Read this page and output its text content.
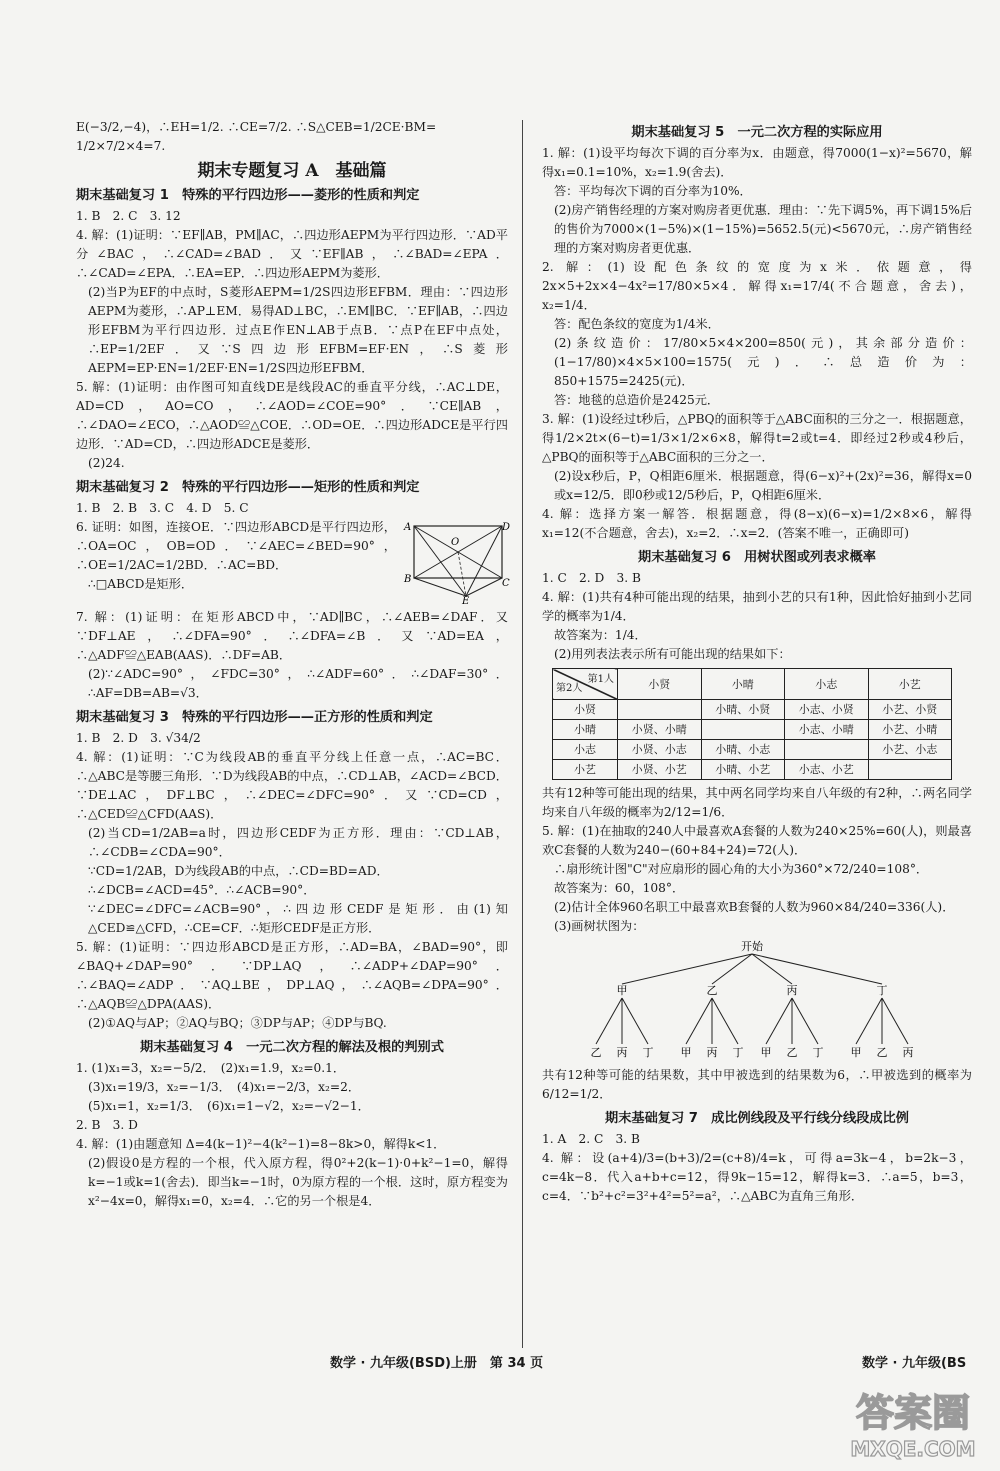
E(−3/2,−4)，∴EH=1/2. ∴CE=7/2. ∴S△CEB=1/2CE·BM=

1/2×7/2×4=7.

期末专题复习 A　基础篇
期末基础复习 1　特殊的平行四边形——菱形的性质和判定

1. B　2. C　3. 12

4. 解：(1)证明：∵EF∥AB，PM∥AC，∴四边形AEPM为平行四边形．∵AD平分∠BAC，∴∠CAD=∠BAD．又∵EF∥AB，∴∠BAD=∠EPA．∴∠CAD=∠EPA．∴EA=EP．∴四边形AEPM为菱形．

(2)当P为EF的中点时，S菱形AEPM=1/2S四边形EFBM．理由：∵四边形AEPM为菱形，∴AP⊥EM．易得AD⊥BC，∴EM∥BC．∵EF∥AB，∴四边形EFBM为平行四边形．过点E作EN⊥AB于点B．∵点P在EF中点处，∴EP=1/2EF．又∵S四边形EFBM=EF·EN，∴S菱形AEPM=EP·EN=1/2EF·EN=1/2S四边形EFBM．

5. 解：(1)证明：由作图可知直线DE是线段AC的垂直平分线，∴AC⊥DE，AD=CD，AO=CO，∴∠AOD=∠COE=90°．∵CE∥AB，∴∠DAO=∠ECO，∴△AOD≌△COE．∴OD=OE．∴四边形ADCE是平行四边形．∵AD=CD，∴四边形ADCE是菱形．

(2)24.

期末基础复习 2　特殊的平行四边形——矩形的性质和判定

1. B　2. B　3. C　4. D　5. C

A	D
O
B	C
E

6. 证明：如图，连接OE．∵四边形ABCD是平行四边形，∴OA=OC，OB=OD．∵∠AEC=∠BED=90°，∴OE=1/2AC=1/2BD．∴AC=BD．

∴□ABCD是矩形．

7. 解：(1)证明：在矩形ABCD中，∵AD∥BC，∴∠AEB=∠DAF．又∵DF⊥AE，∴∠DFA=90°．∴∠DFA=∠B．又∵AD=EA，∴△ADF≌△EAB(AAS)．∴DF=AB．

(2)∵∠ADC=90°，∠FDC=30°，∴∠ADF=60°．∴∠DAF=30°．∴AF=DB=AB=√3．

期末基础复习 3　特殊的平行四边形——正方形的性质和判定

1. B　2. D　3. √34/2

4. 解：(1)证明：∵C为线段AB的垂直平分线上任意一点，∴AC=BC．∴△ABC是等腰三角形．∵D为线段AB的中点，∴CD⊥AB，∠ACD=∠BCD．∵DE⊥AC，DF⊥BC，∴∠DEC=∠DFC=90°．又∵CD=CD，∴△CED≌△CFD(AAS)．

(2)当CD=1/2AB=a时，四边形CEDF为正方形．理由：∵CD⊥AB，∴∠CDB=∠CDA=90°．

∵CD=1/2AB，D为线段AB的中点，∴CD=BD=AD．

∴∠DCB=∠ACD=45°．∴∠ACB=90°．

∵∠DEC=∠DFC=∠ACB=90°，∴四边形CEDF是矩形．由(1)知△CED≌△CFD，∴CE=CF．∴矩形CEDF是正方形．

5. 解：(1)证明：∵四边形ABCD是正方形，∴AD=BA，∠BAD=90°，即∠BAQ+∠DAP=90°．∵DP⊥AQ，∴∠ADP+∠DAP=90°．∴∠BAQ=∠ADP．∵AQ⊥BE，DP⊥AQ，∴∠AQB=∠DPA=90°．∴△AQB≌△DPA(AAS)．

(2)①AQ与AP；②AQ与BQ；③DP与AP；④DP与BQ.

期末基础复习 4　一元二次方程的解法及根的判别式

1. (1)x₁=3，x₂=−5/2．　(2)x₁=1.9，x₂=0.1．

(3)x₁=19/3，x₂=−1/3．　(4)x₁=−2/3，x₂=2．

(5)x₁=1，x₂=1/3．　(6)x₁=1−√2，x₂=−√2−1．

2. B　3. D

4. 解：(1)由题意知 Δ=4(k−1)²−4(k²−1)=8−8k>0，解得k<1．

(2)假设0是方程的一个根，代入原方程，得0²+2(k−1)·0+k²−1=0，解得k=−1或k=1(舍去)．即当k=−1时，0为原方程的一个根．这时，原方程变为x²−4x=0，解得x₁=0，x₂=4．∴它的另一个根是4．

期末基础复习 5　一元二次方程的实际应用

1. 解：(1)设平均每次下调的百分率为x．由题意，得7000(1−x)²=5670，解得x₁=0.1=10%，x₂=1.9(舍去)．

答：平均每次下调的百分率为10%．

(2)房产销售经理的方案对购房者更优惠．理由：∵先下调5%，再下调15%后的售价为7000×(1−5%)×(1−15%)=5652.5(元)<5670元，∴房产销售经理的方案对购房者更优惠．

2. 解：(1)设配色条纹的宽度为x米．依题意，得2x×5+2x×4−4x²=17/80×5×4．解得x₁=17/4(不合题意，舍去)，x₂=1/4．

答：配色条纹的宽度为1/4米．

(2)条纹造价：17/80×5×4×200=850(元)，其余部分造价：(1−17/80)×4×5×100=1575(元)．∴总造价为：850+1575=2425(元)．

答：地毯的总造价是2425元．

3. 解：(1)设经过t秒后，△PBQ的面积等于△ABC面积的三分之一．根据题意，得1/2×2t×(6−t)=1/3×1/2×6×8，解得t=2或t=4．即经过2秒或4秒后，△PBQ的面积等于△ABC面积的三分之一．

(2)设x秒后，P，Q相距6厘米．根据题意，得(6−x)²+(2x)²=36，解得x=0或x=12/5．即0秒或12/5秒后，P，Q相距6厘米．

4. 解：选择方案一解答．根据题意，得(8−x)(6−x)=1/2×8×6，解得x₁=12(不合题意，舍去)，x₂=2．∴x=2．(答案不唯一，正确即可)

期末基础复习 6　用树状图或列表求概率

1. C　2. D　3. B

4. 解：(1)共有4种可能出现的结果，抽到小艺的只有1种，因此恰好抽到小艺同学的概率为1/4．

故答案为：1/4．

(2)用列表法表示所有可能出现的结果如下：

第1人
第2人	小贤	小晴	小志	小艺
小贤		小晴、小贤	小志、小贤	小艺、小贤
小晴	小贤、小晴		小志、小晴	小艺、小晴
小志	小贤、小志	小晴、小志		小艺、小志
小艺	小贤、小艺	小晴、小艺	小志、小艺	

共有12种等可能出现的结果，其中两名同学均来自八年级的有2种，∴两名同学均来自八年级的概率为2/12=1/6．

5. 解：(1)在抽取的240人中最喜欢A套餐的人数为240×25%=60(人)，则最喜欢C套餐的人数为240−(60+84+24)=72(人)．

∴扇形统计图"C"对应扇形的圆心角的大小为360°×72/240=108°．

故答案为：60，108°．

(2)估计全体960名职工中最喜欢B套餐的人数为960×84/240=336(人)．

(3)画树状图为：

开始
甲
乙 丙 丁
乙
甲 丙 丁
丙
甲 乙 丁
丁
甲 乙 丙

共有12种等可能的结果数，其中甲被选到的结果数为6，∴甲被选到的概率为6/12=1/2．

期末基础复习 7　成比例线段及平行线分线段成比例

1. A　2. C　3. B

4. 解：设(a+4)/3=(b+3)/2=(c+8)/4=k，可得a=3k−4，b=2k−3，c=4k−8．代入a+b+c=12，得9k−15=12，解得k=3．∴a=5，b=3，c=4．∵b²+c²=3²+4²=5²=a²，∴△ABC为直角三角形．

数学 · 九年级(BSD)上册　第 34 页	数学 · 九年级(BS
答案圈
MXQE.COM
